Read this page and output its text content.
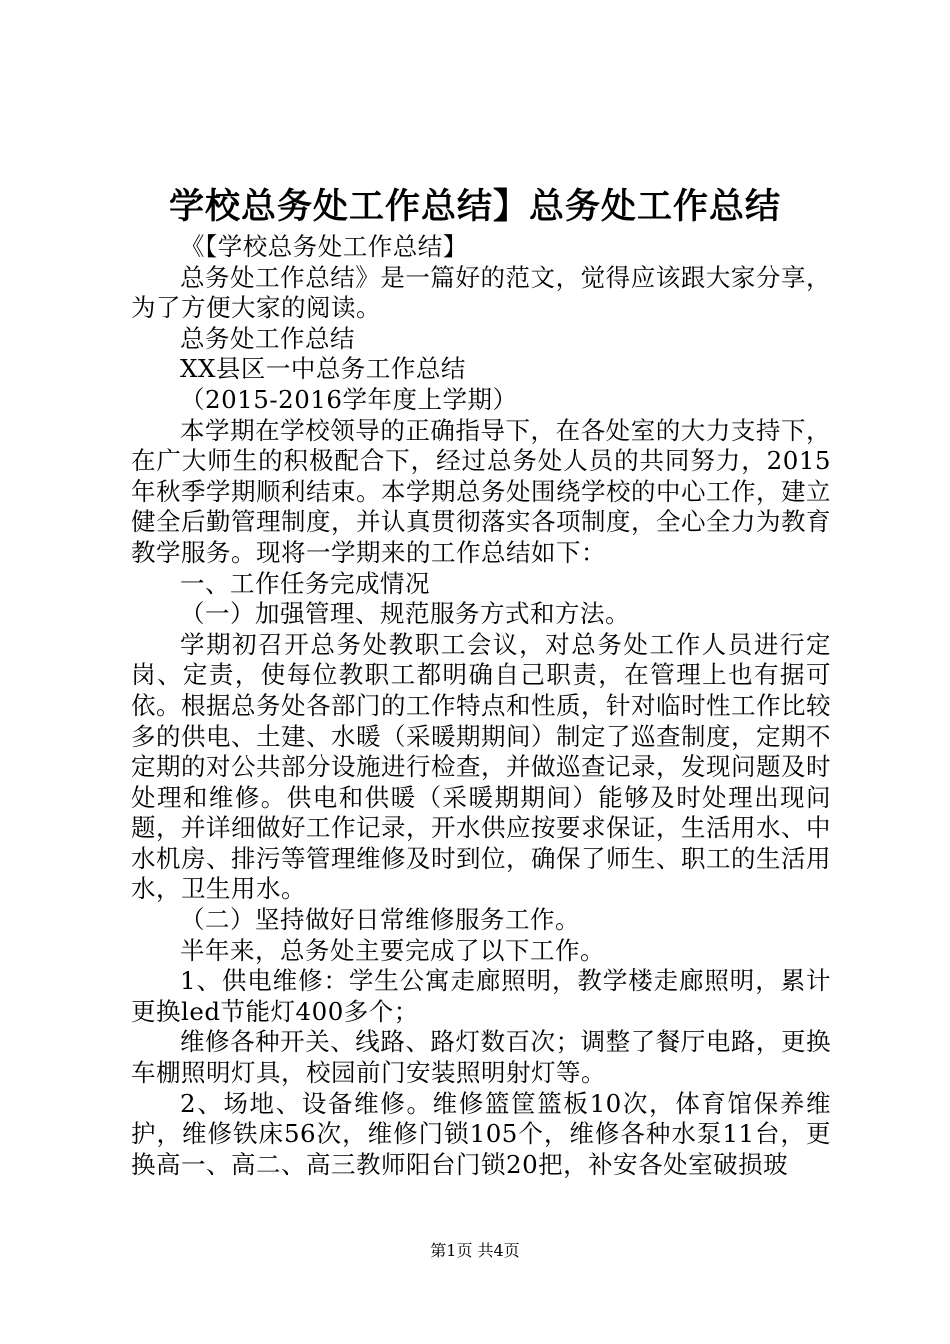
学校总务处工作总结】总务处工作总结

《【学校总务处工作总结】

总务处工作总结》是一篇好的范文，觉得应该跟大家分享，为了方便大家的阅读。

总务处工作总结

XX县区一中总务工作总结

（2015-2016学年度上学期）

本学期在学校领导的正确指导下，在各处室的大力支持下，在广大师生的积极配合下，经过总务处人员的共同努力，2015年秋季学期顺利结束。本学期总务处围绕学校的中心工作，建立健全后勤管理制度，并认真贯彻落实各项制度，全心全力为教育教学服务。现将一学期来的工作总结如下：

一、工作任务完成情况

（一）加强管理、规范服务方式和方法。

学期初召开总务处教职工会议，对总务处工作人员进行定岗、定责，使每位教职工都明确自己职责，在管理上也有据可依。根据总务处各部门的工作特点和性质，针对临时性工作比较多的供电、土建、水暖（采暖期期间）制定了巡查制度，定期不定期的对公共部分设施进行检查，并做巡查记录，发现问题及时处理和维修。供电和供暖（采暖期期间）能够及时处理出现问题，并详细做好工作记录，开水供应按要求保证，生活用水、中水机房、排污等管理维修及时到位，确保了师生、职工的生活用水，卫生用水。

（二）坚持做好日常维修服务工作。

半年来，总务处主要完成了以下工作。

1、供电维修：学生公寓走廊照明，教学楼走廊照明，累计更换led节能灯400多个；

维修各种开关、线路、路灯数百次；调整了餐厅电路，更换车棚照明灯具，校园前门安装照明射灯等。

2、场地、设备维修。维修篮筐篮板10次，体育馆保养维护，维修铁床56次，维修门锁105个，维修各种水泵11台，更换高一、高二、高三教师阳台门锁20把，补安各处室破损玻

第1页 共4页
